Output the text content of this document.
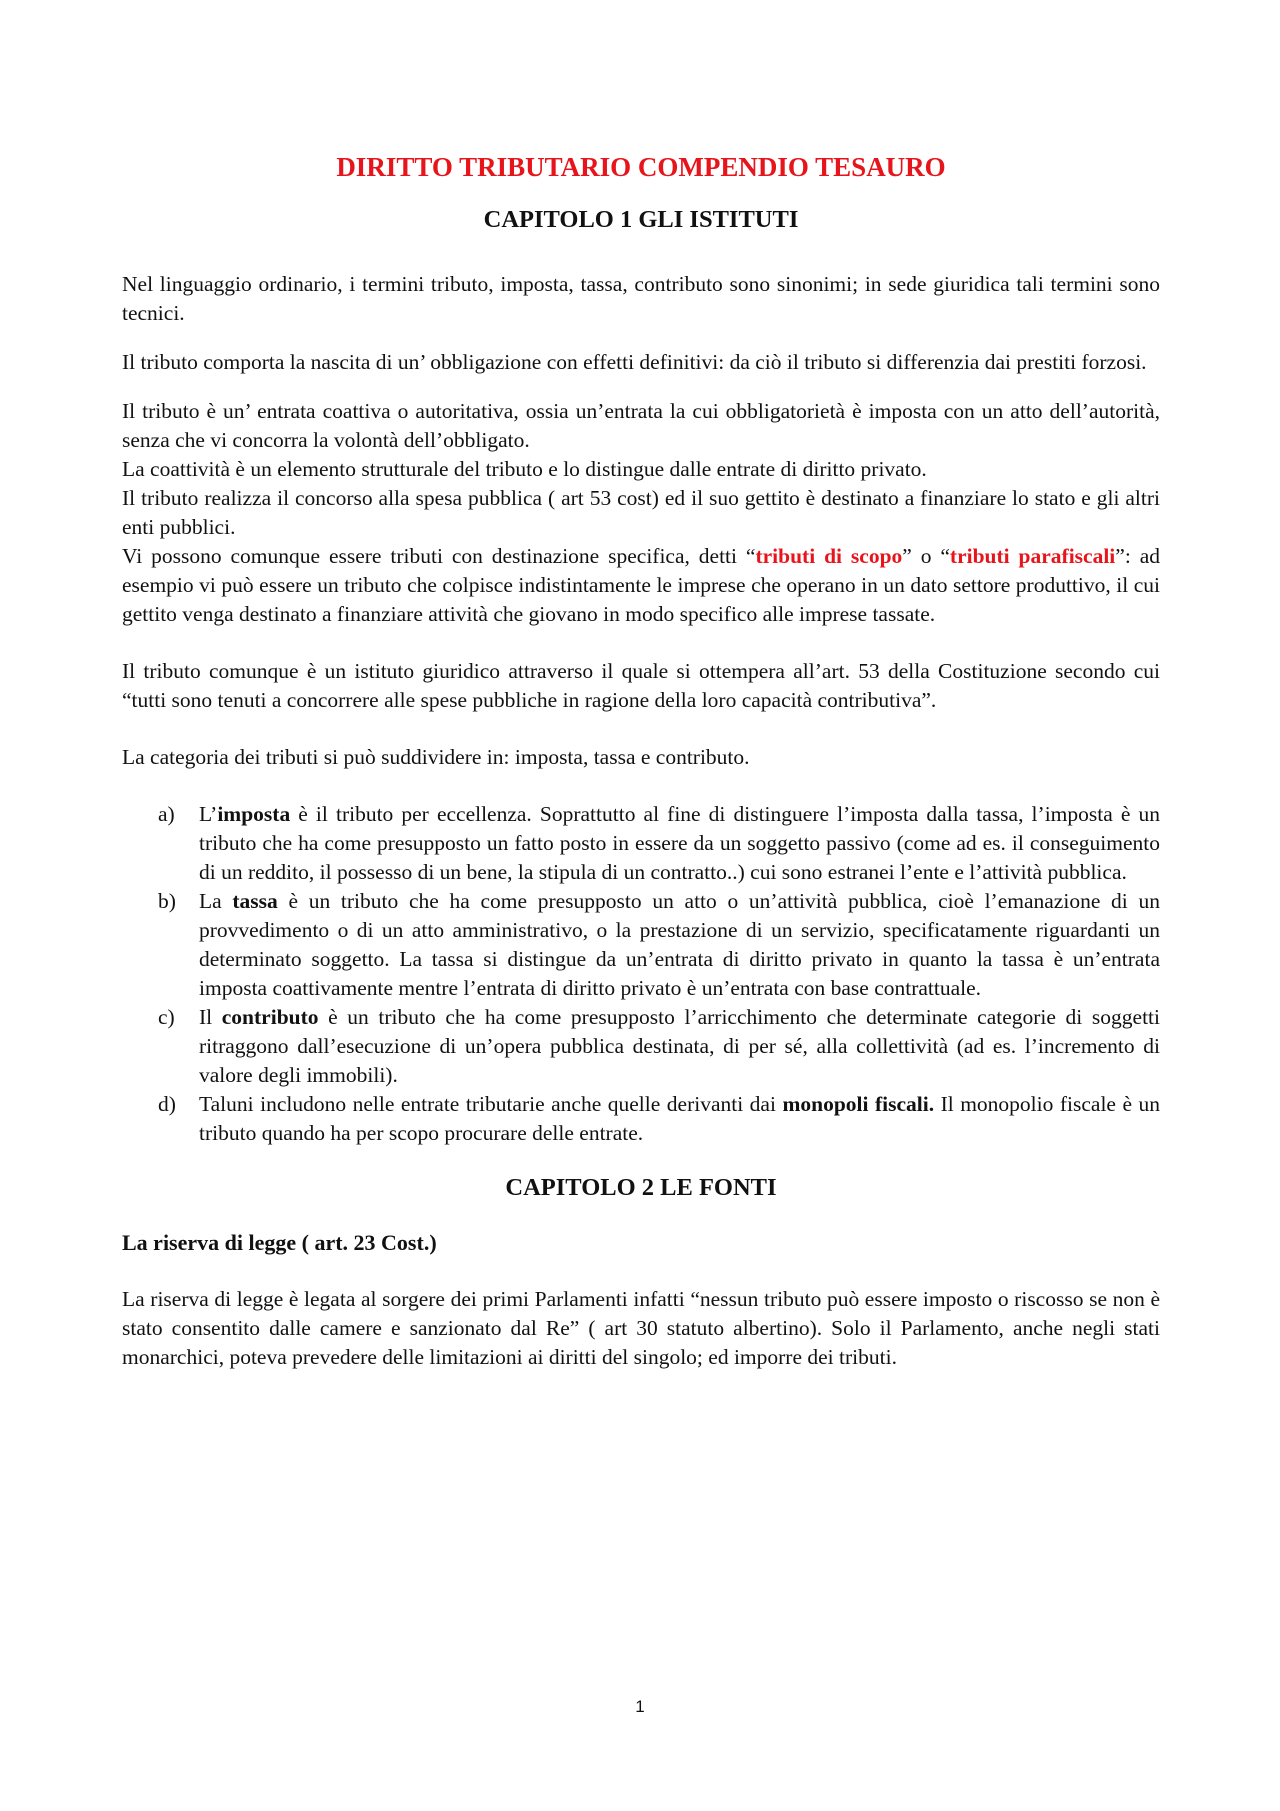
DIRITTO TRIBUTARIO COMPENDIO TESAURO
CAPITOLO 1 GLI ISTITUTI

Nel linguaggio ordinario, i termini tributo, imposta, tassa, contributo sono sinonimi; in sede giuridica tali termini sono tecnici.

Il tributo comporta la nascita di un’ obbligazione con effetti definitivi: da ciò il tributo si differenzia dai prestiti forzosi.

Il tributo è un’ entrata coattiva o autoritativa, ossia un’entrata la cui obbligatorietà è imposta con un atto dell’autorità, senza che vi concorra la volontà dell’obbligato.

La coattività è un elemento strutturale del tributo e lo distingue dalle entrate di diritto privato.

Il tributo realizza il concorso alla spesa pubblica ( art 53 cost) ed il suo gettito è destinato a finanziare lo stato e gli altri enti pubblici.

Vi possono comunque essere tributi con destinazione specifica, detti “tributi di scopo” o “tributi parafiscali”: ad esempio vi può essere un tributo che colpisce indistintamente le imprese che operano in un dato settore produttivo, il cui gettito venga destinato a finanziare attività che giovano in modo specifico alle imprese tassate.

Il tributo comunque è un istituto giuridico attraverso il quale si ottempera all’art. 53 della Costituzione secondo cui “tutti sono tenuti a concorrere alle spese pubbliche in ragione della loro capacità contributiva”.

La categoria dei tributi si può suddividere in: imposta, tassa e contributo.

a) L’imposta è il tributo per eccellenza. Soprattutto al fine di distinguere l’imposta dalla tassa, l’imposta è un tributo che ha come presupposto un fatto posto in essere da un soggetto passivo (come ad es. il conseguimento di un reddito, il possesso di un bene, la stipula di un contratto..) cui sono estranei l’ente e l’attività pubblica.
b) La tassa è un tributo che ha come presupposto un atto o un’attività pubblica, cioè l’emanazione di un provvedimento o di un atto amministrativo, o la prestazione di un servizio, specificatamente riguardanti un determinato soggetto. La tassa si distingue da un’entrata di diritto privato in quanto la tassa è un’entrata imposta coattivamente mentre l’entrata di diritto privato è un’entrata con base contrattuale.
c) Il contributo è un tributo che ha come presupposto l’arricchimento che determinate categorie di soggetti ritraggono dall’esecuzione di un’opera pubblica destinata, di per sé, alla collettività (ad es. l’incremento di valore degli immobili).
d) Taluni includono nelle entrate tributarie anche quelle derivanti dai monopoli fiscali. Il monopolio fiscale è un tributo quando ha per scopo procurare delle entrate.
CAPITOLO 2 LE FONTI

La riserva di legge ( art. 23 Cost.)

La riserva di legge è legata al sorgere dei primi Parlamenti infatti “nessun tributo può essere imposto o riscosso se non è stato consentito dalle camere e sanzionato dal Re” ( art 30 statuto albertino). Solo il Parlamento, anche negli stati monarchici, poteva prevedere delle limitazioni ai diritti del singolo; ed imporre dei tributi.

1
